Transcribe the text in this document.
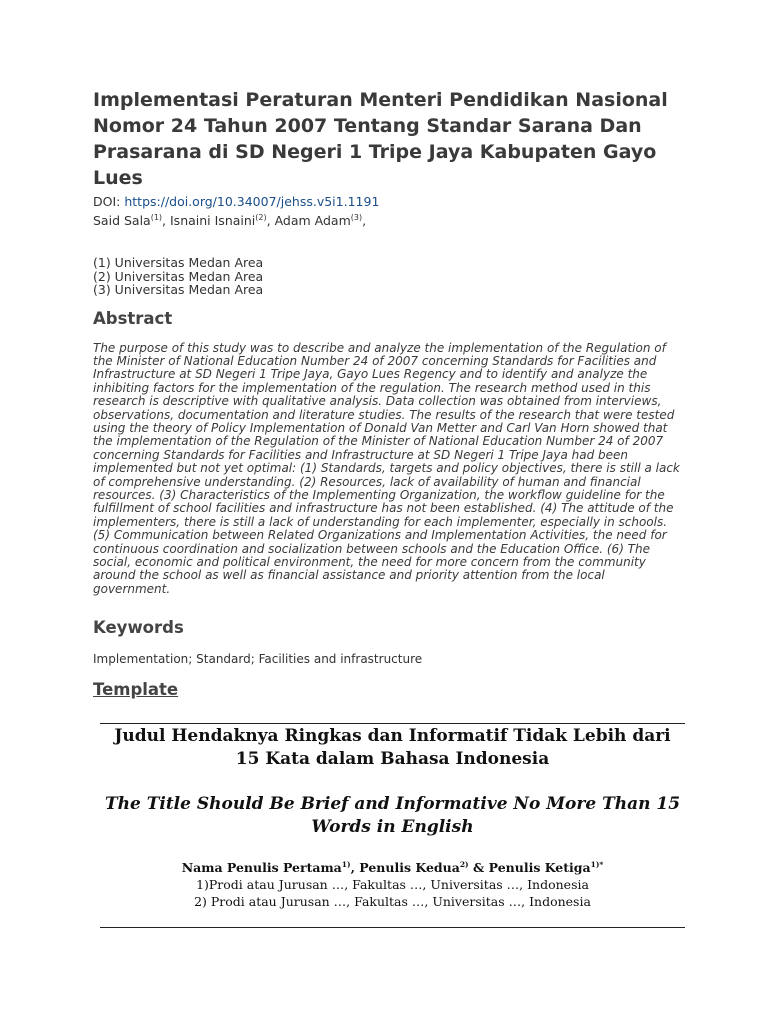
Implementasi Peraturan Menteri Pendidikan Nasional Nomor 24 Tahun 2007 Tentang Standar Sarana Dan Prasarana di SD Negeri 1 Tripe Jaya Kabupaten Gayo Lues
DOI: https://doi.org/10.34007/jehss.v5i1.1191
Said Sala$^{(1)}$, Isnaini Isnaini$^{(2)}$, Adam Adam$^{(3)}$,
(1) Universitas Medan Area
(2) Universitas Medan Area
(3) Universitas Medan Area
Abstract

The purpose of this study was to describe and analyze the implementation of the Regulation of the Minister of National Education Number 24 of 2007 concerning Standards for Facilities and Infrastructure at SD Negeri 1 Tripe Jaya, Gayo Lues Regency and to identify and analyze the inhibiting factors for the implementation of the regulation. The research method used in this research is descriptive with qualitative analysis. Data collection was obtained from interviews, observations, documentation and literature studies. The results of the research that were tested using the theory of Policy Implementation of Donald Van Metter and Carl Van Horn showed that the implementation of the Regulation of the Minister of National Education Number 24 of 2007 concerning Standards for Facilities and Infrastructure at SD Negeri 1 Tripe Jaya had been implemented but not yet optimal: (1) Standards, targets and policy objectives, there is still a lack of comprehensive understanding. (2) Resources, lack of availability of human and financial resources. (3) Characteristics of the Implementing Organization, the workflow guideline for the fulfillment of school facilities and infrastructure has not been established. (4) The attitude of the implementers, there is still a lack of understanding for each implementer, especially in schools. (5) Communication between Related Organizations and Implementation Activities, the need for continuous coordination and socialization between schools and the Education Office. (6) The social, economic and political environment, the need for more concern from the community around the school as well as financial assistance and priority attention from the local government.

Keywords

Implementation; Standard; Facilities and infrastructure

Template
Judul Hendaknya Ringkas dan Informatif Tidak Lebih dari 15 Kata dalam Bahasa Indonesia
The Title Should Be Brief and Informative No More Than 15 Words in English
Nama Penulis Pertama$^{1)}$, Penulis Kedua$^{2)}$ & Penulis Ketiga$^{1)*}$
1)Prodi atau Jurusan …, Fakultas …, Universitas …, Indonesia
2) Prodi atau Jurusan …, Fakultas …, Universitas …, Indonesia
